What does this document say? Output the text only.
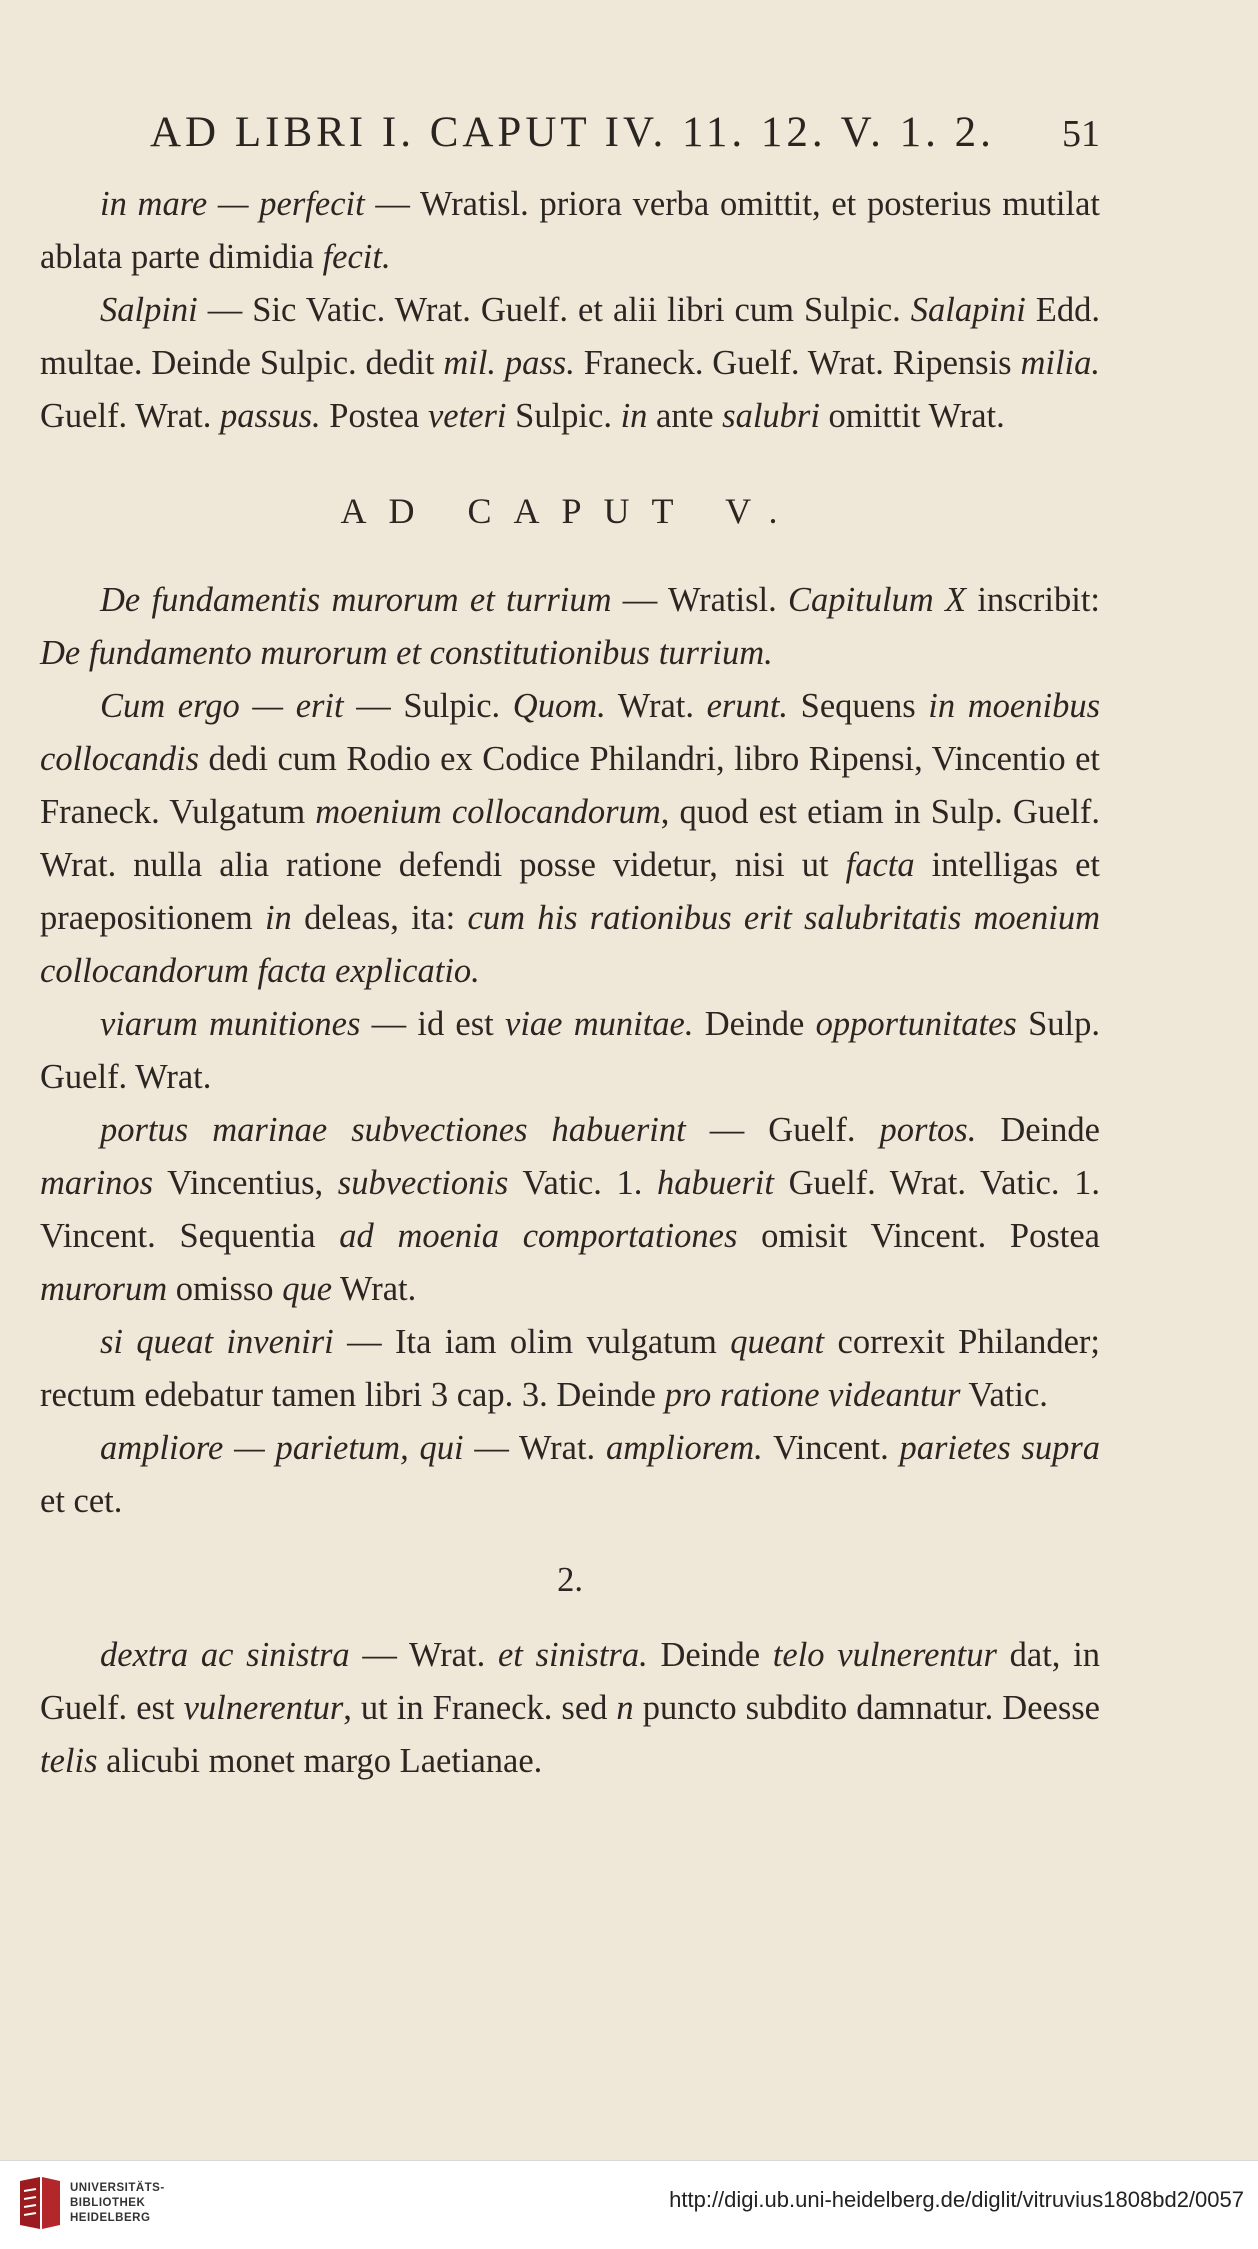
AD LIBRI I. CAPUT IV. 11. 12. V. 1. 2. 51

in mare — perfecit — Wratisl. priora verba omittit, et posterius mutilat ablata parte dimidia fecit.

Salpini — Sic Vatic. Wrat. Guelf. et alii libri cum Sulpic. Salapini Edd. multae. Deinde Sulpic. dedit mil. pass. Franeck. Guelf. Wrat. Ripensis milia. Guelf. Wrat. passus. Postea veteri Sulpic. in ante salubri omittit Wrat.

AD CAPUT V.

De fundamentis murorum et turrium — Wratisl. Capitulum X inscribit: De fundamento murorum et constitutionibus turrium.

Cum ergo — erit — Sulpic. Quom. Wrat. erunt. Sequens in moenibus collocandis dedi cum Rodio ex Codice Philandri, libro Ripensi, Vincentio et Franeck. Vulgatum moenium collocandorum, quod est etiam in Sulp. Guelf. Wrat. nulla alia ratione defendi posse videtur, nisi ut facta intelligas et praepositionem in deleas, ita: cum his rationibus erit salubritatis moenium collocandorum facta explicatio.

viarum munitiones — id est viae munitae. Deinde opportunitates Sulp. Guelf. Wrat.

portus marinae subvectiones habuerint — Guelf. portos. Deinde marinos Vincentius, subvectionis Vatic. 1. habuerit Guelf. Wrat. Vatic. 1. Vincent. Sequentia ad moenia comportationes omisit Vincent. Postea murorum omisso que Wrat.

si queat inveniri — Ita iam olim vulgatum queant correxit Philander; rectum edebatur tamen libri 3 cap. 3. Deinde pro ratione videantur Vatic.

ampliore — parietum, qui — Wrat. ampliorem. Vincent. parietes supra et cet.

2.

dextra ac sinistra — Wrat. et sinistra. Deinde telo vulnerentur dat, in Guelf. est vulnerentur, ut in Franeck. sed n puncto subdito damnatur. Deesse telis alicubi monet margo Laetianae.

UNIVERSITÄTS-
BIBLIOTHEK
HEIDELBERG
http://digi.ub.uni-heidelberg.de/diglit/vitruvius1808bd2/0057
